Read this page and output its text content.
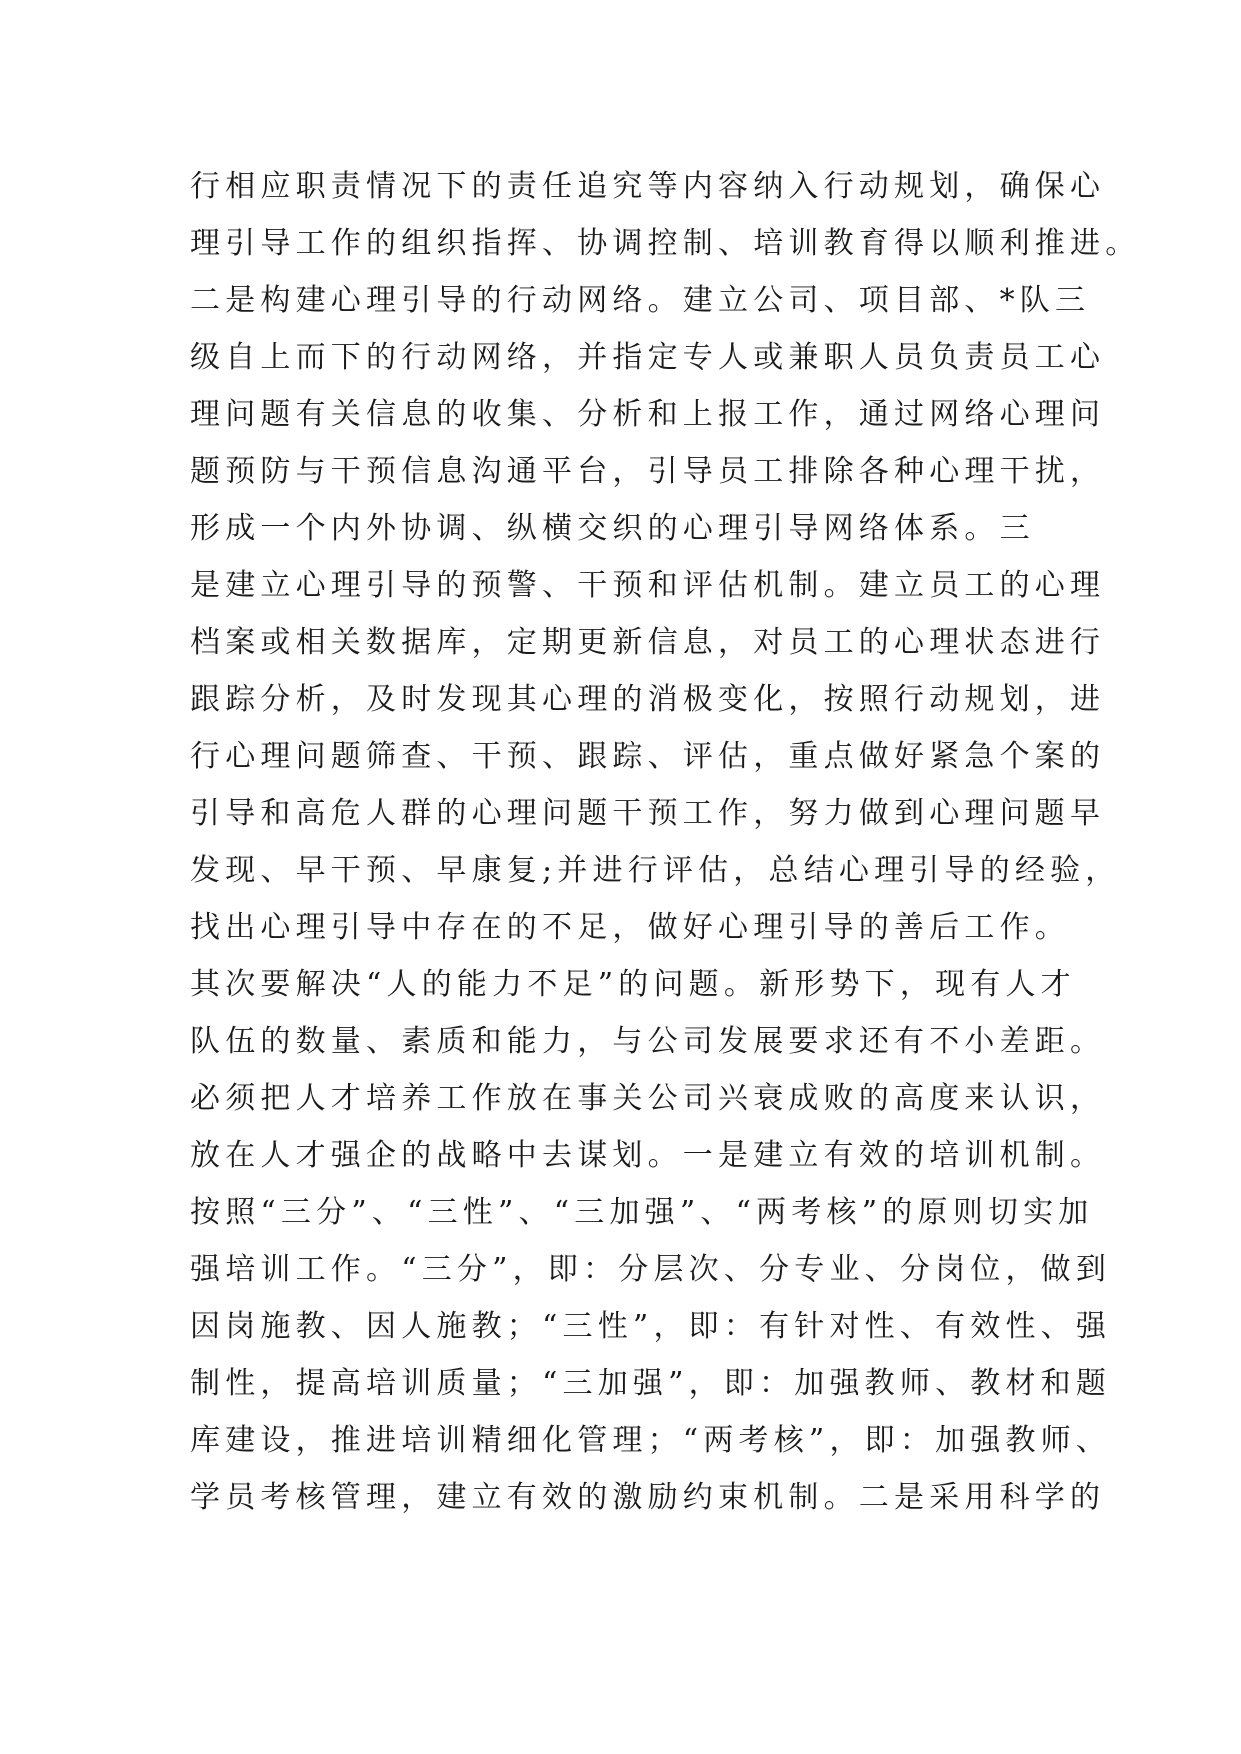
行相应职责情况下的责任追究等内容纳入行动规划，确保心
理引导工作的组织指挥、协调控制、培训教育得以顺利推进。
二是构建心理引导的行动网络。建立公司、项目部、*队三
级自上而下的行动网络，并指定专人或兼职人员负责员工心
理问题有关信息的收集、分析和上报工作，通过网络心理问
题预防与干预信息沟通平台，引导员工排除各种心理干扰，
形成一个内外协调、纵横交织的心理引导网络体系。三
是建立心理引导的预警、干预和评估机制。建立员工的心理
档案或相关数据库，定期更新信息，对员工的心理状态进行
跟踪分析，及时发现其心理的消极变化，按照行动规划，进
行心理问题筛查、干预、跟踪、评估，重点做好紧急个案的
引导和高危人群的心理问题干预工作，努力做到心理问题早
发现、早干预、早康复;并进行评估，总结心理引导的经验，
找出心理引导中存在的不足，做好心理引导的善后工作。
其次要解决“人的能力不足”的问题。新形势下，现有人才
队伍的数量、素质和能力，与公司发展要求还有不小差距。
必须把人才培养工作放在事关公司兴衰成败的高度来认识，
放在人才强企的战略中去谋划。一是建立有效的培训机制。
按照“三分”、“三性”、“三加强”、“两考核”的原则切实加
强培训工作。“三分”，即：分层次、分专业、分岗位，做到
因岗施教、因人施教；“三性”，即：有针对性、有效性、强
制性，提高培训质量；“三加强”，即：加强教师、教材和题
库建设，推进培训精细化管理；“两考核”，即：加强教师、
学员考核管理，建立有效的激励约束机制。二是采用科学的
